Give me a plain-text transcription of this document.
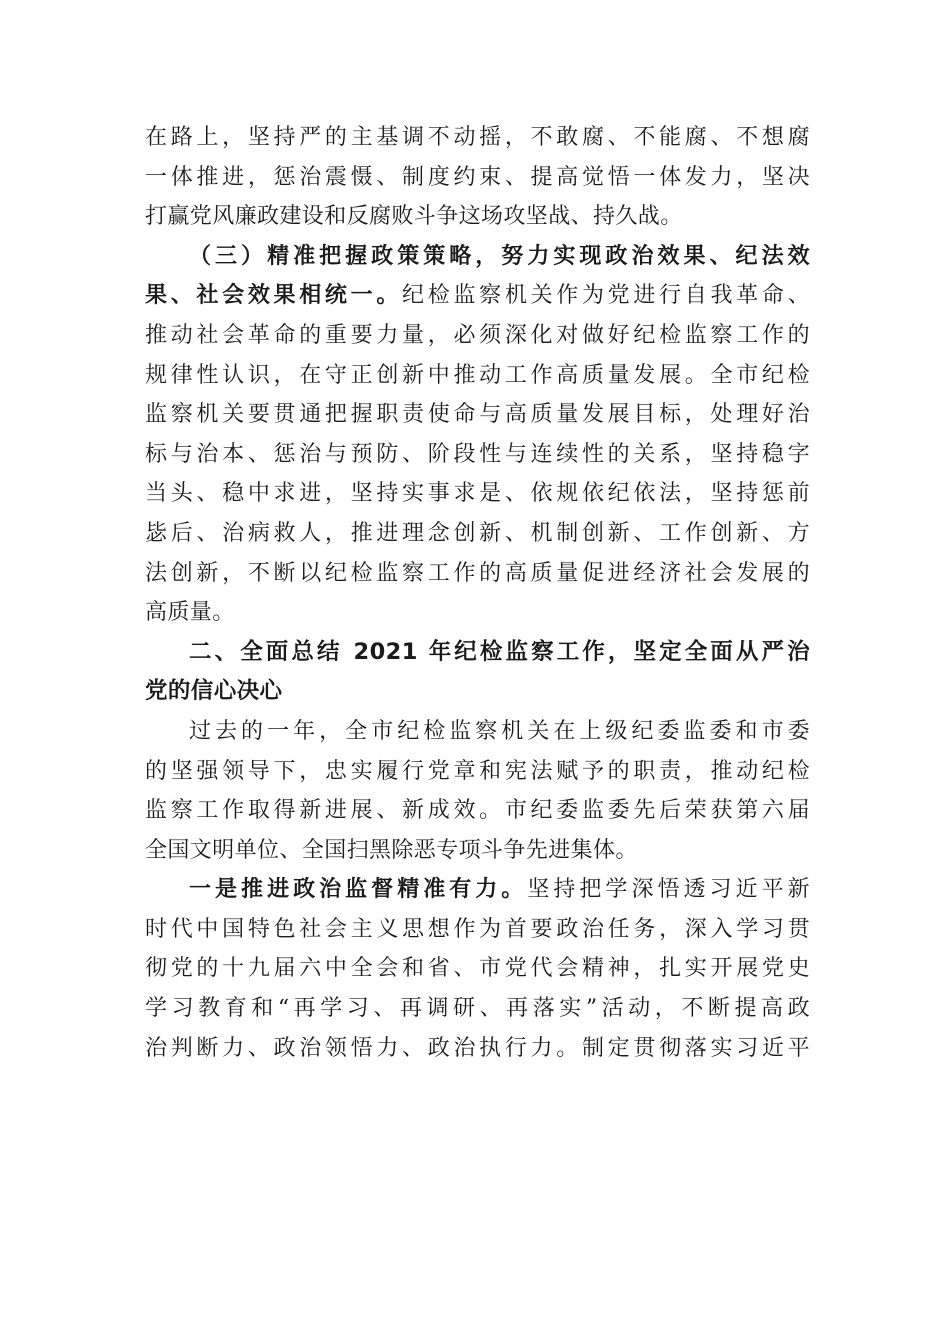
在路上，坚持严的主基调不动摇，不敢腐、不能腐、不想腐
一体推进，惩治震慑、制度约束、提高觉悟一体发力，坚决
打赢党风廉政建设和反腐败斗争这场攻坚战、持久战。
（三）精准把握政策策略，努力实现政治效果、纪法效
果、社会效果相统一。纪检监察机关作为党进行自我革命、
推动社会革命的重要力量，必须深化对做好纪检监察工作的
规律性认识，在守正创新中推动工作高质量发展。全市纪检
监察机关要贯通把握职责使命与高质量发展目标，处理好治
标与治本、惩治与预防、阶段性与连续性的关系，坚持稳字
当头、稳中求进，坚持实事求是、依规依纪依法，坚持惩前
毖后、治病救人，推进理念创新、机制创新、工作创新、方
法创新，不断以纪检监察工作的高质量促进经济社会发展的
高质量。
二、全面总结 2021 年纪检监察工作，坚定全面从严治
党的信心决心
过去的一年，全市纪检监察机关在上级纪委监委和市委
的坚强领导下，忠实履行党章和宪法赋予的职责，推动纪检
监察工作取得新进展、新成效。市纪委监委先后荣获第六届
全国文明单位、全国扫黑除恶专项斗争先进集体。
一是推进政治监督精准有力。坚持把学深悟透习近平新
时代中国特色社会主义思想作为首要政治任务，深入学习贯
彻党的十九届六中全会和省、市党代会精神，扎实开展党史
学习教育和“再学习、再调研、再落实”活动，不断提高政
治判断力、政治领悟力、政治执行力。制定贯彻落实习近平
